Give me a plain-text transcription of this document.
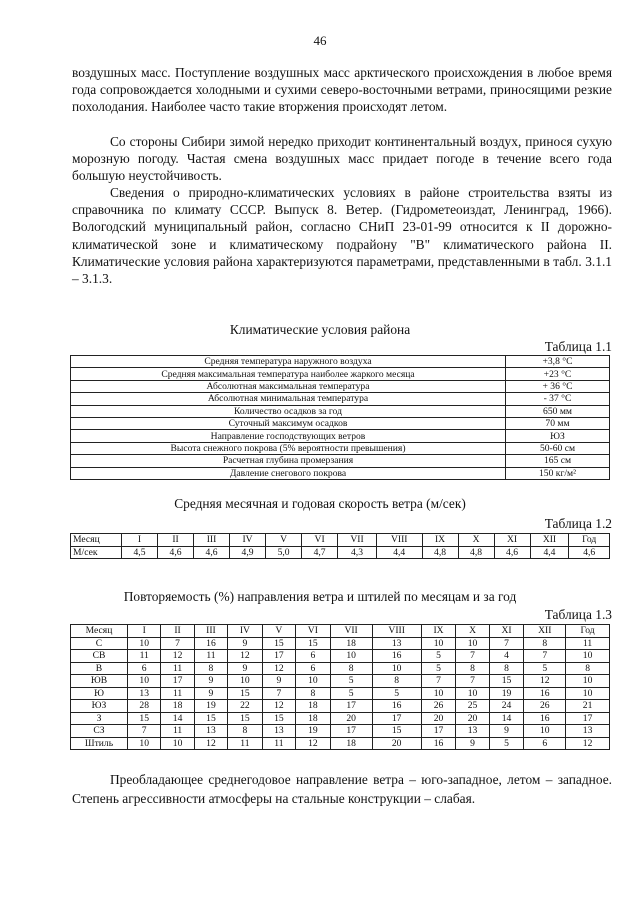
46

воздушных масс. Поступление воздушных масс арктического происхождения в любое время года сопровождается холодными и сухими северо-восточными ветрами, приносящими резкие похолодания. Наиболее часто такие вторжения происходят летом.

Со стороны Сибири зимой нередко приходит континентальный воздух, принося сухую морозную погоду. Частая смена воздушных масс придает погоде в течение всего года большую неустойчивость.

Сведения о природно-климатических условиях в районе строительства взяты из справочника по климату СССР. Выпуск 8. Ветер. (Гидрометеоиздат, Ленинград, 1966). Вологодский муниципальный район, согласно СНиП 23-01-99 относится к II дорожно-климатической зоне и климатическому подрайону "В" климатического района II. Климатические условия района характеризуются параметрами, представленными в табл. 3.1.1 – 3.1.3.

Климатические условия района
Таблица 1.1
Средняя температура наружного воздуха	+3,8 °С
Средняя максимальная температура наиболее жаркого месяца	+23 °С
Абсолютная максимальная температура	+ 36 °С
Абсолютная минимальная температура	- 37 °С
Количество осадков за год	650 мм
Суточный максимум осадков	70 мм
Направление господствующих ветров	ЮЗ
Высота снежного покрова (5% вероятности превышения)	50-60 см
Расчетная глубина промерзания	165 см
Давление снегового покрова	150 кг/м²
Средняя месячная и годовая скорость ветра (м/сек)
Таблица 1.2
Месяц	I	II	III	IV	V	VI	VII	VIII	IX	X	XI	XII	Год
М/сек	4,5	4,6	4,6	4,9	5,0	4,7	4,3	4,4	4,8	4,8	4,6	4,4	4,6
Повторяемость (%) направления ветра и штилей по месяцам и за год
Таблица 1.3
Месяц	I	II	III	IV	V	VI	VII	VIII	IX	X	XI	XII	Год
С	10	7	16	9	15	15	18	13	10	10	7	8	11
СВ	11	12	11	12	17	6	10	16	5	7	4	7	10
В	6	11	8	9	12	6	8	10	5	8	8	5	8
ЮВ	10	17	9	10	9	10	5	8	7	7	15	12	10
Ю	13	11	9	15	7	8	5	5	10	10	19	16	10
ЮЗ	28	18	19	22	12	18	17	16	26	25	24	26	21
З	15	14	15	15	15	18	20	17	20	20	14	16	17
СЗ	7	11	13	8	13	19	17	15	17	13	9	10	13
Штиль	10	10	12	11	11	12	18	20	16	9	5	6	12

Преобладающее среднегодовое направление ветра – юго-западное, летом – западное. Степень агрессивности атмосферы на стальные конструкции – слабая.
